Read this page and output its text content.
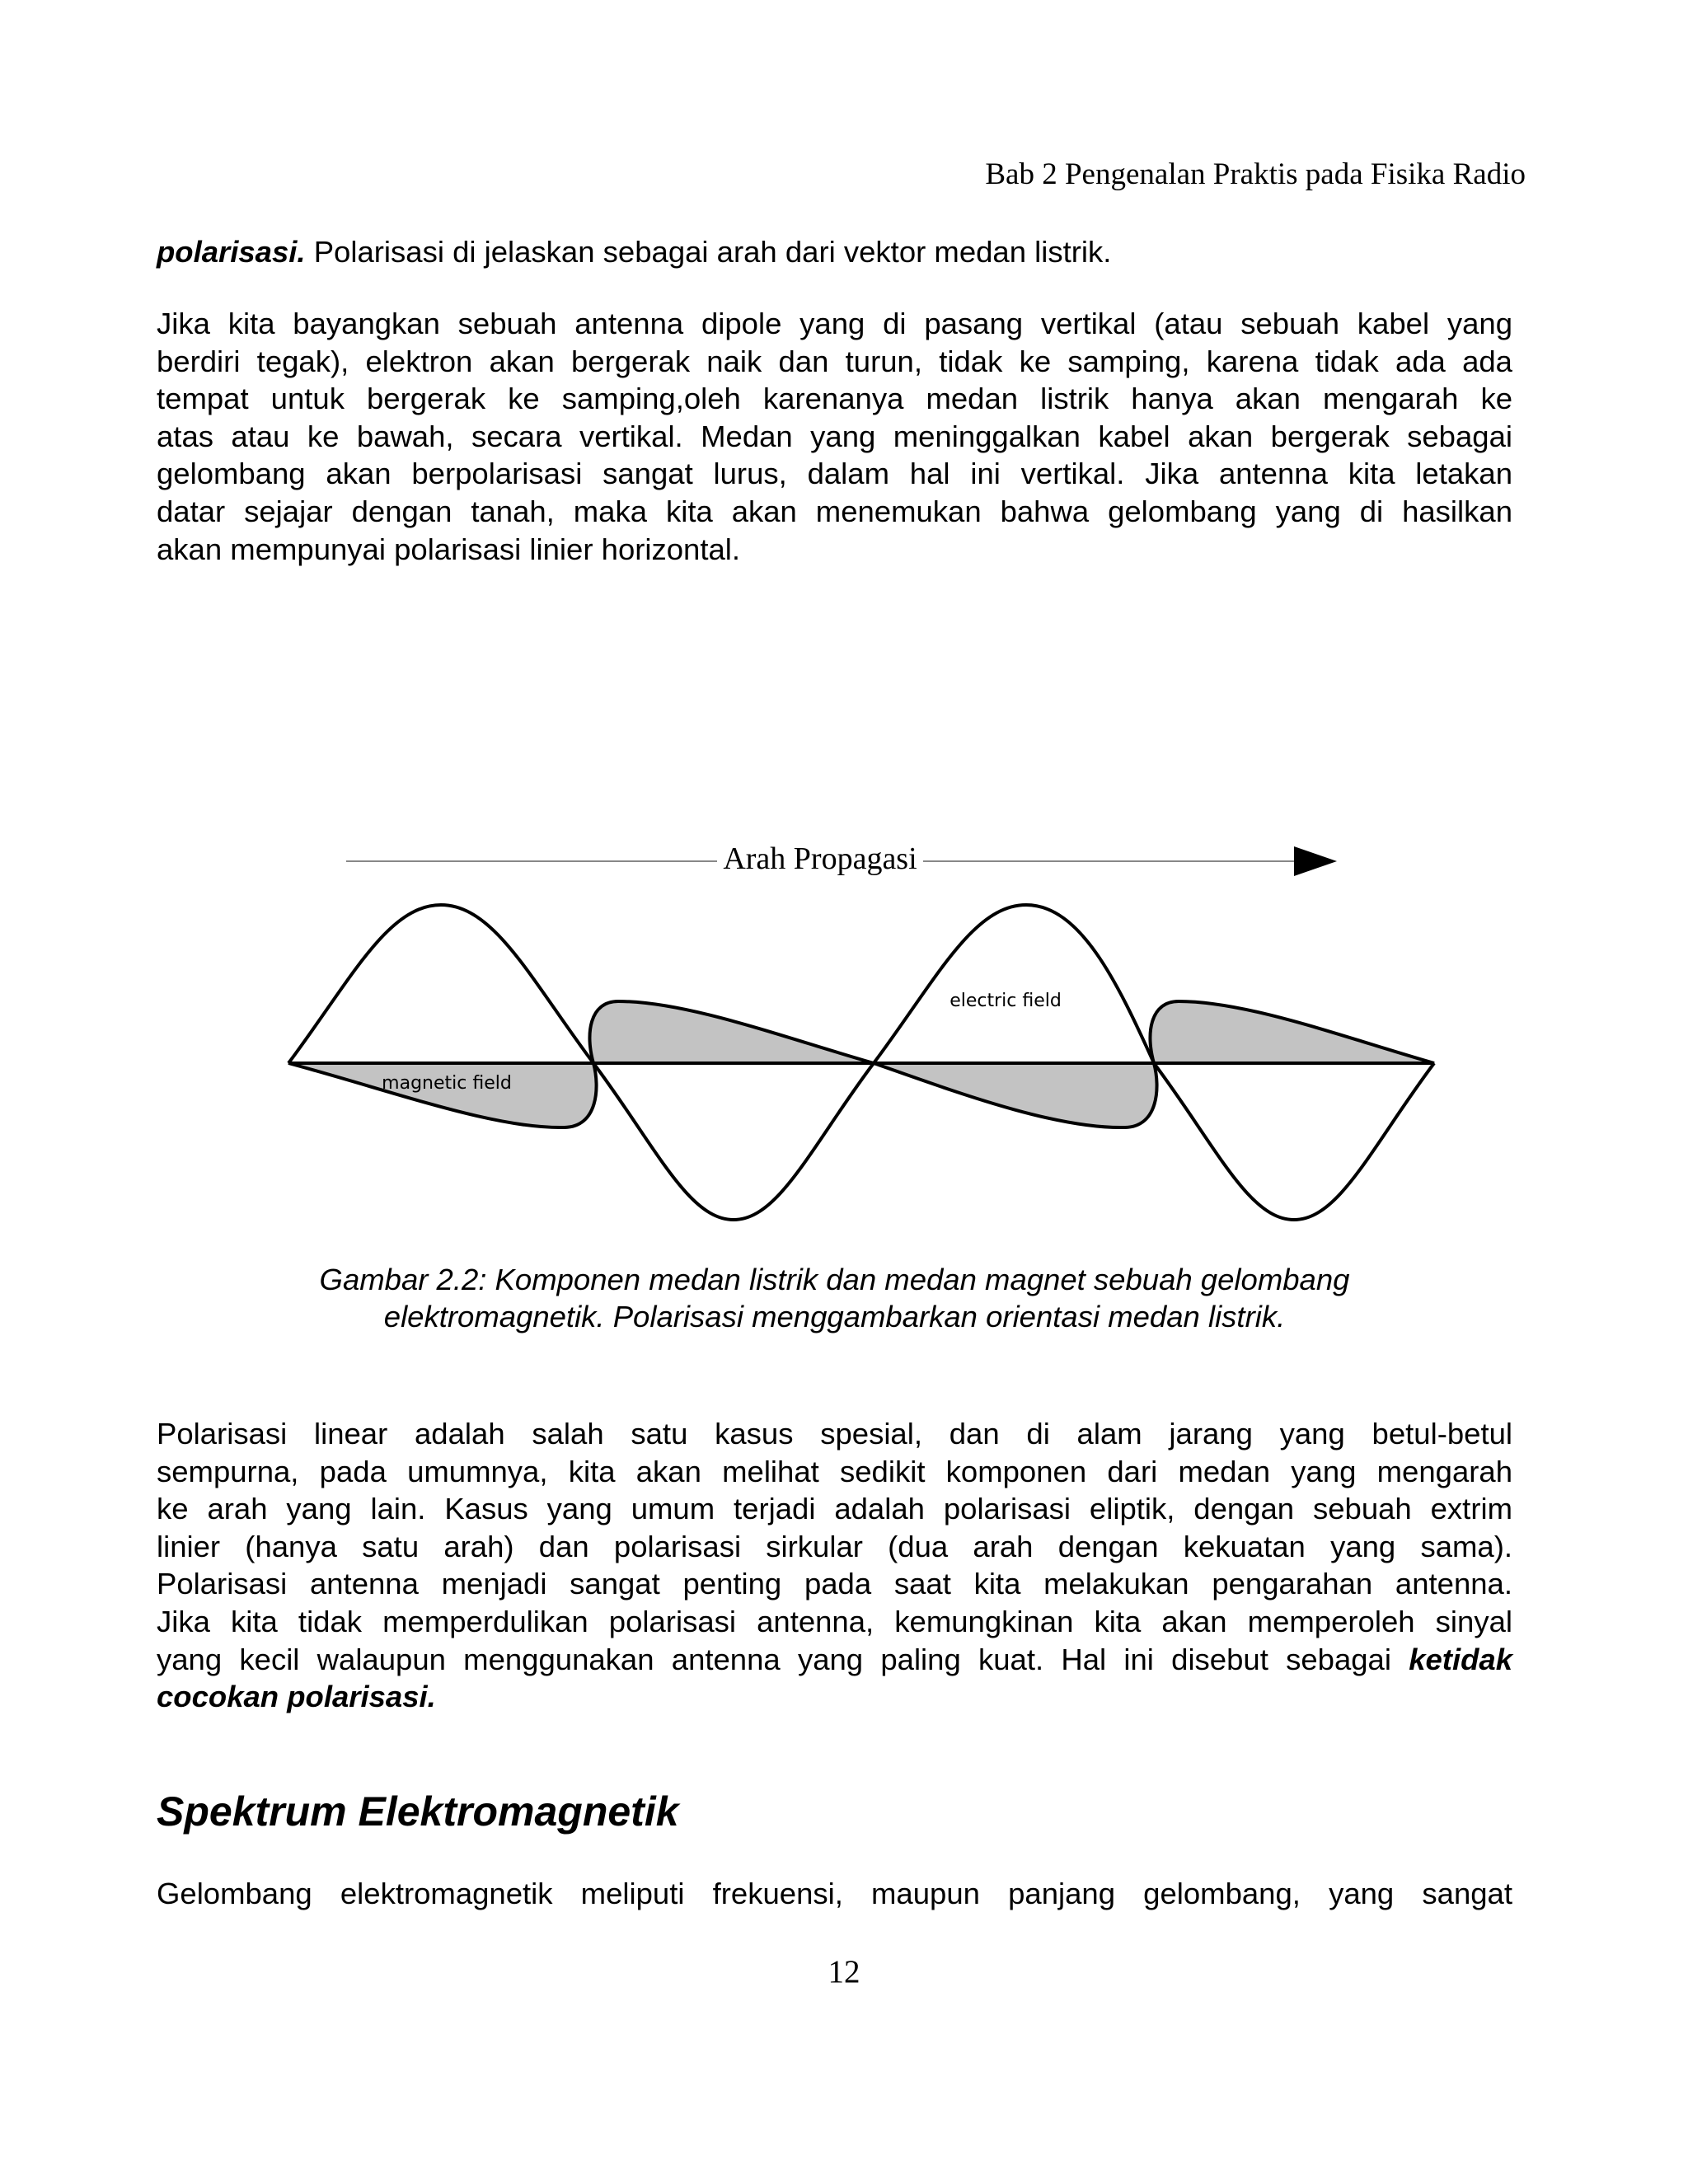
Bab 2 Pengenalan Praktis pada Fisika Radio

polarisasi. Polarisasi di jelaskan sebagai arah dari vektor medan listrik.

Jika kita bayangkan sebuah antenna dipole yang di pasang vertikal (atau sebuah kabel yang
berdiri tegak), elektron akan bergerak naik dan turun, tidak ke samping, karena tidak ada ada
tempat untuk bergerak ke samping,oleh karenanya medan listrik hanya akan mengarah ke
atas atau ke bawah, secara vertikal. Medan yang meninggalkan kabel akan bergerak sebagai
gelombang akan berpolarisasi sangat lurus, dalam hal ini vertikal. Jika antenna kita letakan
datar sejajar dengan tanah, maka kita akan menemukan bahwa gelombang yang di hasilkan
akan mempunyai polarisasi linier horizontal.

Arah Propagasi
electric field
magnetic field

Gambar 2.2: Komponen medan listrik dan medan magnet sebuah gelombang
elektromagnetik. Polarisasi menggambarkan orientasi medan listrik.

Polarisasi linear adalah salah satu kasus spesial, dan di alam jarang yang betul-betul
sempurna, pada umumnya, kita akan melihat sedikit komponen dari medan yang mengarah
ke arah yang lain. Kasus yang umum terjadi adalah polarisasi eliptik, dengan sebuah extrim
linier (hanya satu arah) dan polarisasi sirkular (dua arah dengan kekuatan yang sama).
Polarisasi antenna menjadi sangat penting pada saat kita melakukan pengarahan antenna.
Jika kita tidak memperdulikan polarisasi antenna, kemungkinan kita akan memperoleh sinyal
yang kecil walaupun menggunakan antenna yang paling kuat. Hal ini disebut sebagai ketidak
cocokan polarisasi.

Spektrum Elektromagnetik

Gelombang elektromagnetik meliputi frekuensi, maupun panjang gelombang, yang sangat

12
